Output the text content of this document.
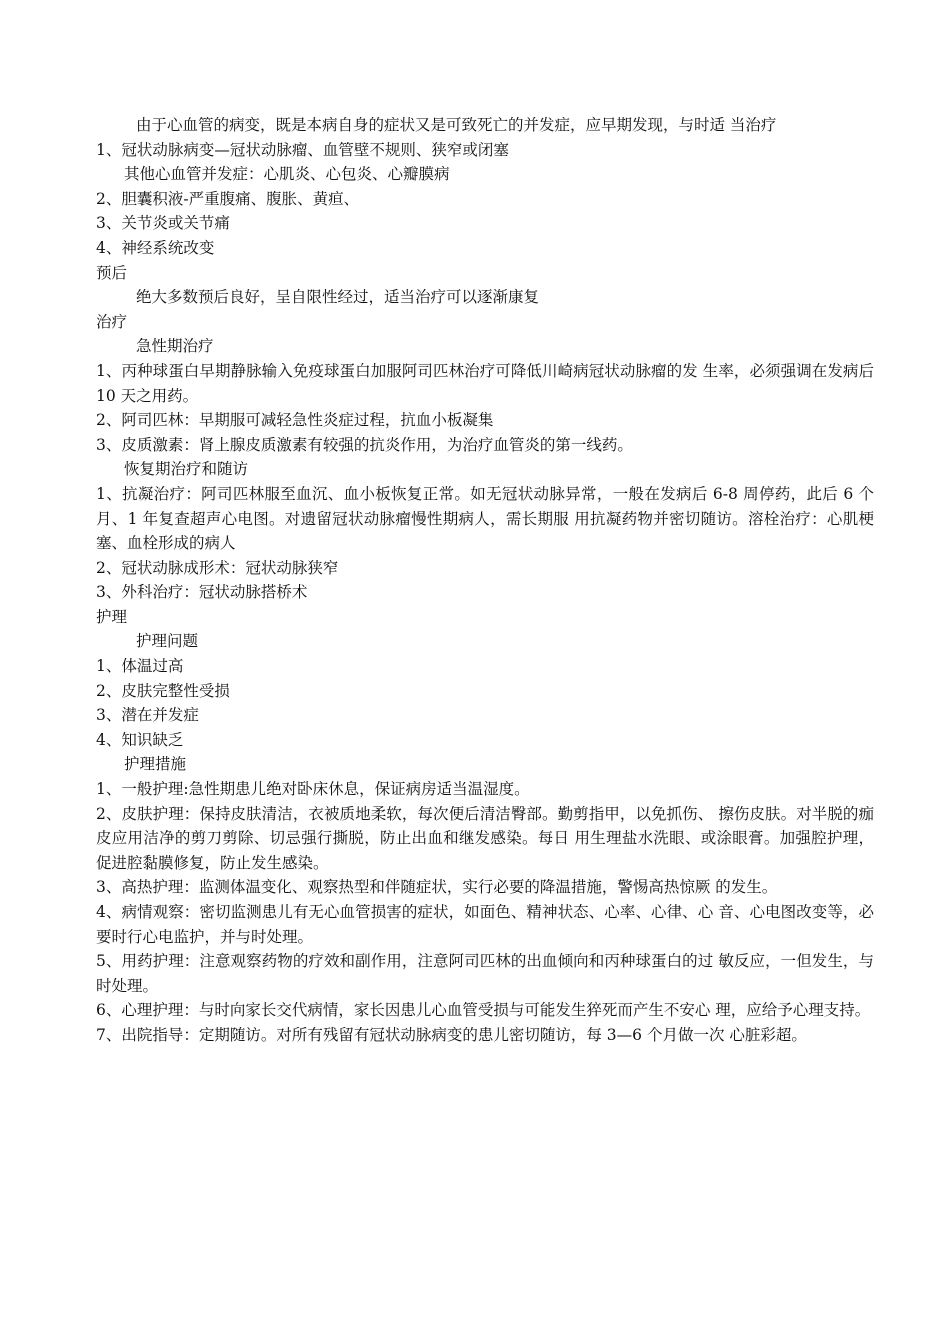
由于心血管的病变，既是本病自身的症状又是可致死亡的并发症，应早期发现，与时适 当治疗
1、冠状动脉病变—冠状动脉瘤、血管壁不规则、狭窄或闭塞
其他心血管并发症：心肌炎、心包炎、心瓣膜病
2、胆囊积液-严重腹痛、腹胀、黄疸、
3、关节炎或关节痛
4、神经系统改变
预后
绝大多数预后良好，呈自限性经过，适当治疗可以逐渐康复
治疗
急性期治疗
1、丙种球蛋白早期静脉输入免疫球蛋白加服阿司匹林治疗可降低川崎病冠状动脉瘤的发 生率，必须强调在发病后 10 天之用药。
2、阿司匹林：早期服可减轻急性炎症过程，抗血小板凝集
3、皮质激素：肾上腺皮质激素有较强的抗炎作用，为治疗血管炎的第一线药。
恢复期治疗和随访
1、抗凝治疗：阿司匹林服至血沉、血小板恢复正常。如无冠状动脉异常，一般在发病后 6-8 周停药，此后 6 个月、1 年复查超声心电图。对遗留冠状动脉瘤慢性期病人，需长期服 用抗凝药物并密切随访。溶栓治疗：心肌梗塞、血栓形成的病人
2、冠状动脉成形术：冠状动脉狭窄
3、外科治疗：冠状动脉搭桥术
护理
护理问题
1、体温过高
2、皮肤完整性受损
3、潜在并发症
4、知识缺乏
护理措施
1、一般护理:急性期患儿绝对卧床休息，保证病房适当温湿度。
2、皮肤护理：保持皮肤清洁，衣被质地柔软，每次便后清洁臀部。勤剪指甲，以免抓伤、 擦伤皮肤。对半脱的痂皮应用洁净的剪刀剪除、切忌强行撕脱，防止出血和继发感染。每日 用生理盐水洗眼、或涂眼膏。加强腔护理，促进腔黏膜修复，防止发生感染。
3、高热护理：监测体温变化、观察热型和伴随症状，实行必要的降温措施，警惕高热惊厥 的发生。
4、病情观察：密切监测患儿有无心血管损害的症状，如面色、精神状态、心率、心律、心 音、心电图改变等，必要时行心电监护，并与时处理。
5、用药护理：注意观察药物的疗效和副作用，注意阿司匹林的出血倾向和丙种球蛋白的过 敏反应，一但发生，与时处理。
6、心理护理：与时向家长交代病情，家长因患儿心血管受损与可能发生猝死而产生不安心 理，应给予心理支持。
7、出院指导：定期随访。对所有残留有冠状动脉病变的患儿密切随访，每 3—6 个月做一次 心脏彩超。
